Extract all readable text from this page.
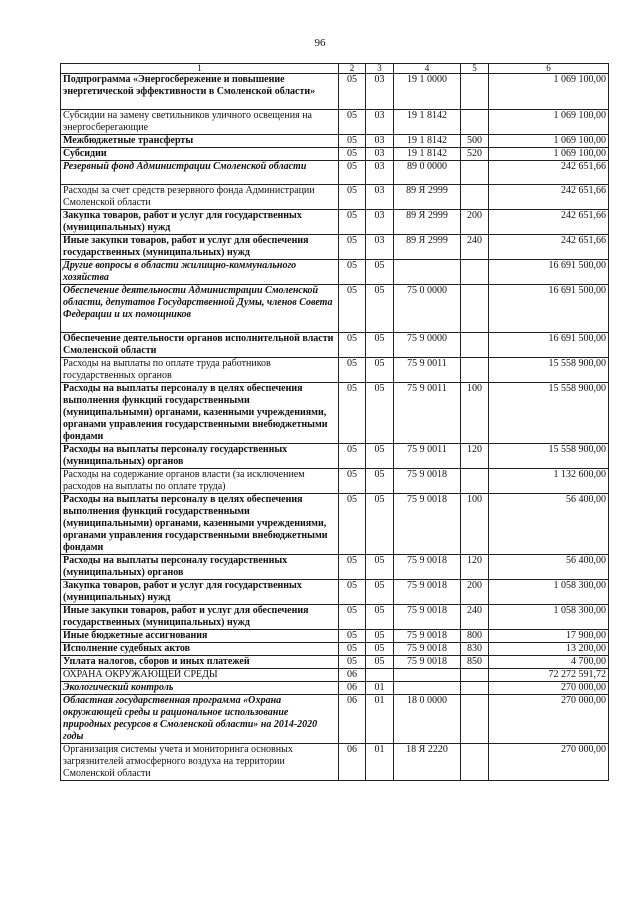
96
1	2	3	4	5	6
Подпрограмма «Энергосбережение и повышение энергетической эффективности в Смоленской области»	05	03	19 1 0000		1 069 100,00
Субсидии на замену светильников уличного освещения на энергосберегающие	05	03	19 1 8142		1 069 100,00
Межбюджетные трансферты	05	03	19 1 8142	500	1 069 100,00
Субсидии	05	03	19 1 8142	520	1 069 100,00
Резервный фонд Администрации Смоленской области	05	03	89 0 0000		242 651,66
Расходы за счет средств резервного фонда Администрации Смоленской области	05	03	89 Я 2999		242 651,66
Закупка товаров, работ и услуг для государственных (муниципальных) нужд	05	03	89 Я 2999	200	242 651,66
Иные закупки товаров, работ и услуг для обеспечения государственных (муниципальных) нужд	05	03	89 Я 2999	240	242 651,66
Другие вопросы в области жилищно-коммунального хозяйства	05	05			16 691 500,00
Обеспечение деятельности Администрации Смоленской области, депутатов Государственной Думы, членов Совета Федерации и их помощников	05	05	75 0 0000		16 691 500,00
Обеспечение деятельности органов исполнительной власти Смоленской области	05	05	75 9 0000		16 691 500,00
Расходы на выплаты по оплате труда работников государственных органов	05	05	75 9 0011		15 558 900,00
Расходы на выплаты персоналу в целях обеспечения выполнения функций государственными (муниципальными) органами, казенными учреждениями, органами управления государственными внебюджетными фондами	05	05	75 9 0011	100	15 558 900,00
Расходы на выплаты персоналу государственных (муниципальных) органов	05	05	75 9 0011	120	15 558 900,00
Расходы на содержание органов власти (за исключением расходов на выплаты по оплате труда)	05	05	75 9 0018		1 132 600,00
Расходы на выплаты персоналу в целях обеспечения выполнения функций государственными (муниципальными) органами, казенными учреждениями, органами управления государственными внебюджетными фондами	05	05	75 9 0018	100	56 400,00
Расходы на выплаты персоналу государственных (муниципальных) органов	05	05	75 9 0018	120	56 400,00
Закупка товаров, работ и услуг для государственных (муниципальных) нужд	05	05	75 9 0018	200	1 058 300,00
Иные закупки товаров, работ и услуг для обеспечения государственных (муниципальных) нужд	05	05	75 9 0018	240	1 058 300,00
Иные бюджетные ассигнования	05	05	75 9 0018	800	17 900,00
Исполнение судебных актов	05	05	75 9 0018	830	13 200,00
Уплата налогов, сборов и иных платежей	05	05	75 9 0018	850	4 700,00
ОХРАНА ОКРУЖАЮЩЕЙ СРЕДЫ	06				72 272 591,72
Экологический контроль	06	01			270 000,00
Областная государственная программа «Охрана окружающей среды и рациональное использование природных ресурсов в Смоленской области» на 2014-2020 годы	06	01	18 0 0000		270 000,00
Организация системы учета и мониторинга основных загрязнителей атмосферного воздуха на территории Смоленской области	06	01	18 Я 2220		270 000,00
